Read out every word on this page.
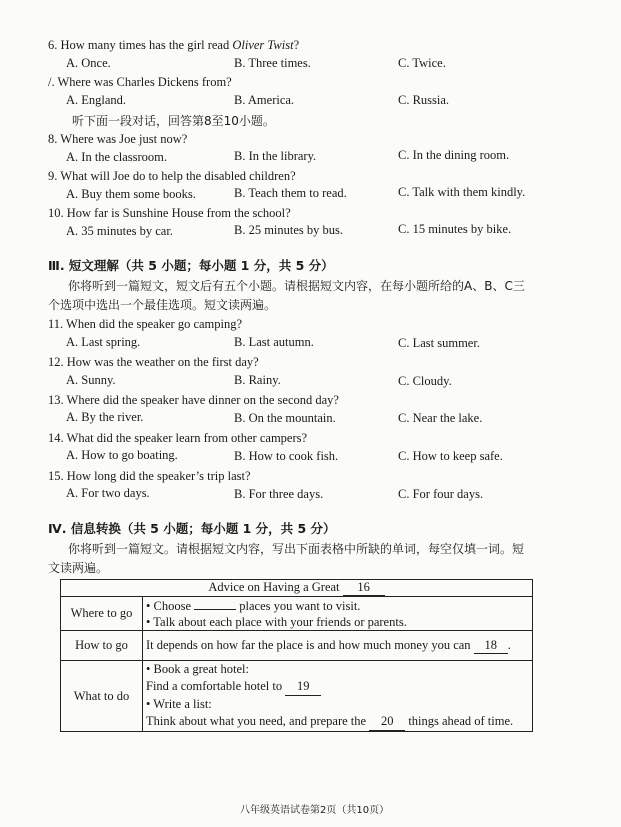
6. How many times has the girl read Oliver Twist?
A. Once.	B. Three times.	C. Twice.
/. Where was Charles Dickens from?
A. England.	B. America.	C. Russia.
听下面一段对话，回答第8至10小题。
8. Where was Joe just now?
A. In the classroom.	B. In the library.	C. In the dining room.
9. What will Joe do to help the disabled children?
A. Buy them some books.	B. Teach them to read.	C. Talk with them kindly.
10. How far is Sunshine House from the school?
A. 35 minutes by car.	B. 25 minutes by bus.	C. 15 minutes by bike.
Ⅲ. 短文理解（共 5 小题；每小题 1 分，共 5 分）
你将听到一篇短文，短文后有五个小题。请根据短文内容，在每小题所给的A、B、C三
个选项中选出一个最佳选项。短文读两遍。
11. When did the speaker go camping?
A. Last spring.	B. Last autumn.	C. Last summer.
12. How was the weather on the first day?
A. Sunny.	B. Rainy.	C. Cloudy.
13. Where did the speaker have dinner on the second day?
A. By the river.	B. On the mountain.	C. Near the lake.
14. What did the speaker learn from other campers?
A. How to go boating.	B. How to cook fish.	C. How to keep safe.
15. How long did the speaker’s trip last?
A. For two days.	B. For three days.	C. For four days.
Ⅳ. 信息转换（共 5 小题；每小题 1 分，共 5 分）
你将听到一篇短文。请根据短文内容，写出下面表格中所缺的单词，每空仅填一词。短
文读两遍。
Advice on Having a Great 16	
Where to go	• Choose places you want to visit.
• Talk about each place with your friends or parents.

How to go	It depends on how far the place is and how much money you can 18 .
What to do	• Book a great hotel:
Find a comfortable hotel to 19
• Write a list:
Think about what you need, and prepare the 20 things ahead of time.
八年级英语试卷第2页（共10页）
